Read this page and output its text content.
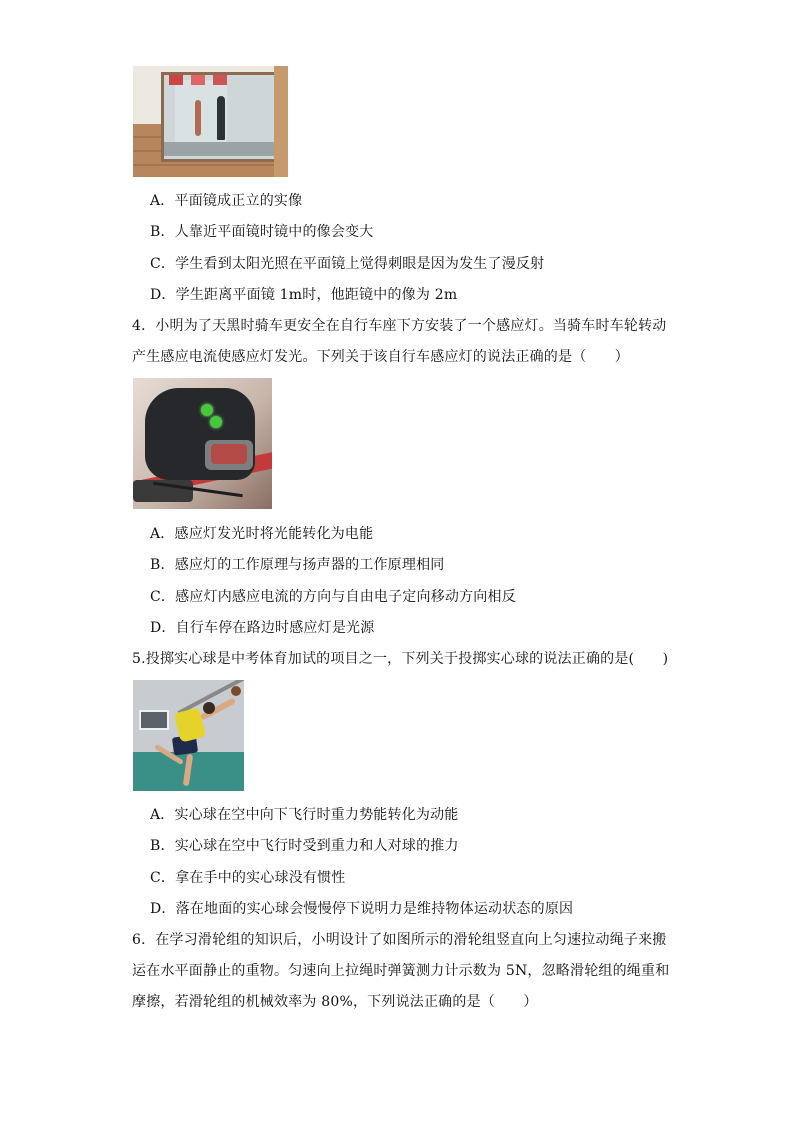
A．平面镜成正立的实像
B．人靠近平面镜时镜中的像会变大
C．学生看到太阳光照在平面镜上觉得刺眼是因为发生了漫反射
D．学生距离平面镜 1m时，他距镜中的像为 2m
4．小明为了天黑时骑车更安全在自行车座下方安装了一个感应灯。当骑车时车轮转动
产生感应电流使感应灯发光。下列关于该自行车感应灯的说法正确的是（　　）
A．感应灯发光时将光能转化为电能
B．感应灯的工作原理与扬声器的工作原理相同
C．感应灯内感应电流的方向与自由电子定向移动方向相反
D．自行车停在路边时感应灯是光源
5.投掷实心球是中考体育加试的项目之一，下列关于投掷实心球的说法正确的是(　　)
A．实心球在空中向下飞行时重力势能转化为动能
B．实心球在空中飞行时受到重力和人对球的推力
C．拿在手中的实心球没有惯性
D．落在地面的实心球会慢慢停下说明力是维持物体运动状态的原因
6．在学习滑轮组的知识后，小明设计了如图所示的滑轮组竖直向上匀速拉动绳子来搬
运在水平面静止的重物。匀速向上拉绳时弹簧测力计示数为 5N，忽略滑轮组的绳重和
摩擦，若滑轮组的机械效率为 80%，下列说法正确的是（　　）
